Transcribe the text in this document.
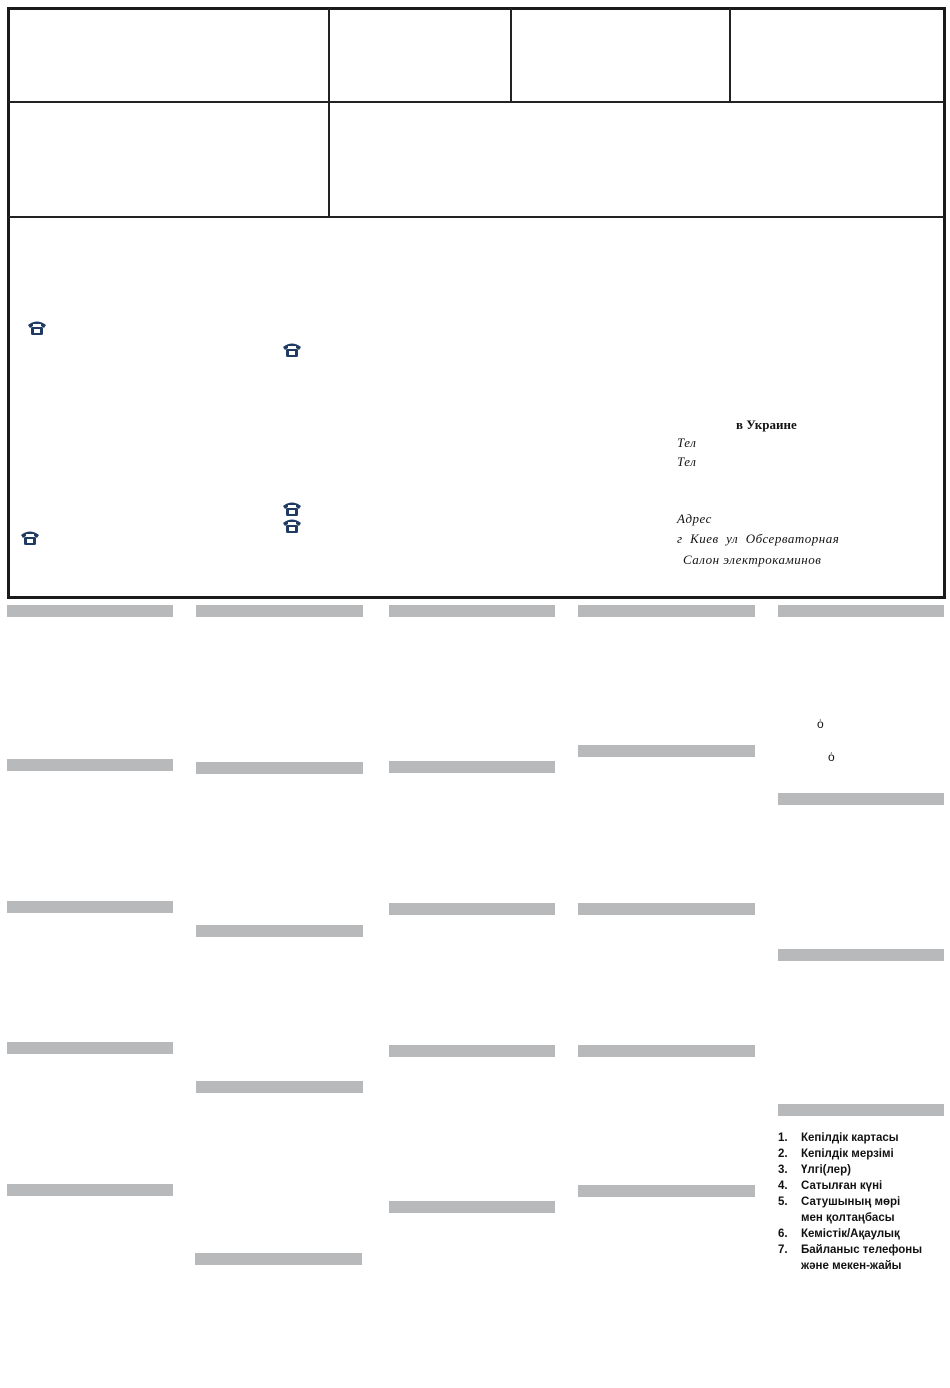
в Украине
Тел
Тел
Адрес
г  Киев  ул  Обсерваторная
Салон электрокаминов
ȯ
ȯ
1. Кепілдік картасы
2. Кепілдік мерзімі
3. Үлгі(лер)
4. Сатылған күні
5. Сатушының мөрі мен қолтаңбасы
6. Кемістік/Ақаулық
7. Байланыс телефоны және мекен-жайы
